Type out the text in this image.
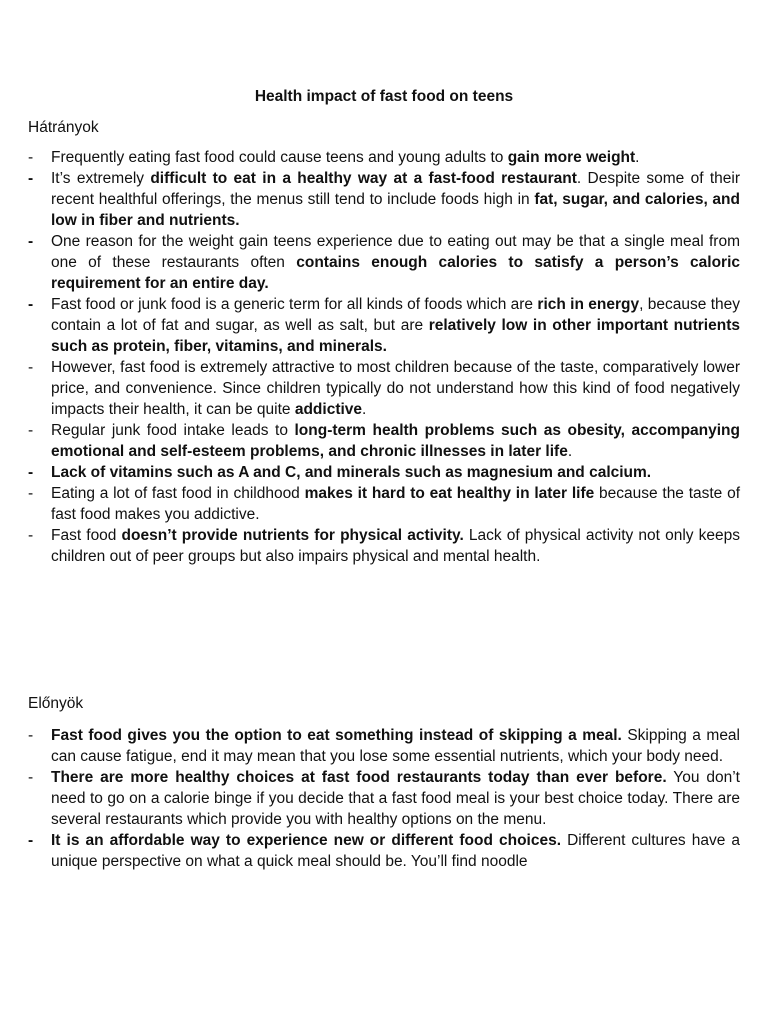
Health impact of fast food on teens
Hátrányok
-	Frequently eating fast food could cause teens and young adults to gain more weight.
-	It’s extremely difficult to eat in a healthy way at a fast-food restaurant. Despite some of their recent healthful offerings, the menus still tend to include foods high in fat, sugar, and calories, and low in fiber and nutrients.
-	One reason for the weight gain teens experience due to eating out may be that a single meal from one of these restaurants often contains enough calories to satisfy a person’s caloric requirement for an entire day.
-	Fast food or junk food is a generic term for all kinds of foods which are rich in energy, because they contain a lot of fat and sugar, as well as salt, but are relatively low in other important nutrients such as protein, fiber, vitamins, and minerals.
-	However, fast food is extremely attractive to most children because of the taste, comparatively lower price, and convenience. Since children typically do not understand how this kind of food negatively impacts their health, it can be quite addictive.
-	Regular junk food intake leads to long-term health problems such as obesity, accompanying emotional and self-esteem problems, and chronic illnesses in later life.
-	Lack of vitamins such as A and C, and minerals such as magnesium and calcium.
-	Eating a lot of fast food in childhood makes it hard to eat healthy in later life because the taste of fast food makes you addictive.
-	Fast food doesn’t provide nutrients for physical activity. Lack of physical activity not only keeps children out of peer groups but also impairs physical and mental health.
Előnyök
-	Fast food gives you the option to eat something instead of skipping a meal. Skipping a meal can cause fatigue, end it may mean that you lose some essential nutrients, which your body need.
-	There are more healthy choices at fast food restaurants today than ever before. You don’t need to go on a calorie binge if you decide that a fast food meal is your best choice today. There are several restaurants which provide you with healthy options on the menu.
-	It is an affordable way to experience new or different food choices. Different cultures have a unique perspective on what a quick meal should be. You’ll find noodle
